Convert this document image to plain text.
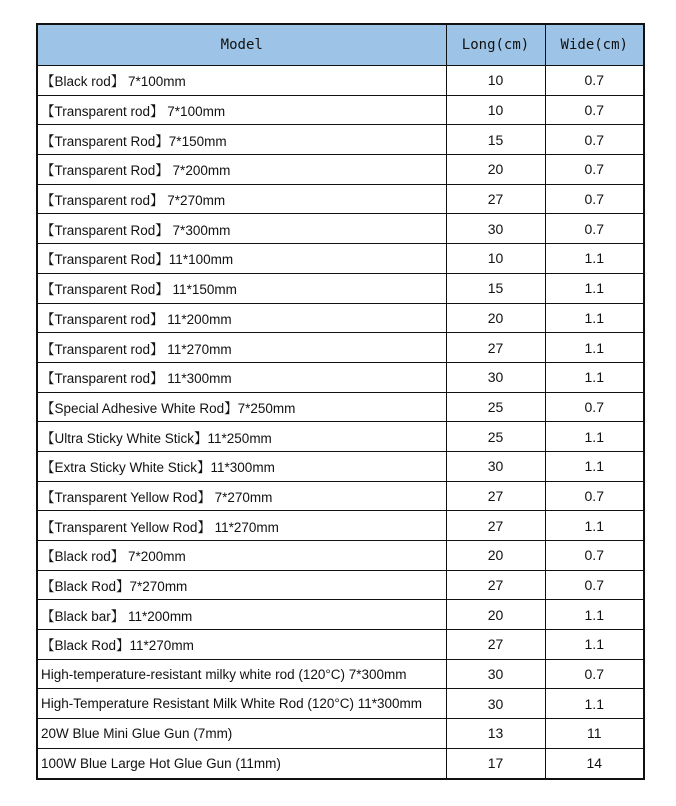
Model	Long(cm)	Wide(cm)
【Black rod】 7*100mm	10	0.7
【Transparent rod】 7*100mm	10	0.7
【Transparent Rod】7*150mm	15	0.7
【Transparent Rod】 7*200mm	20	0.7
【Transparent rod】 7*270mm	27	0.7
【Transparent Rod】 7*300mm	30	0.7
【Transparent Rod】11*100mm	10	1.1
【Transparent Rod】 11*150mm	15	1.1
【Transparent rod】 11*200mm	20	1.1
【Transparent rod】 11*270mm	27	1.1
【Transparent rod】 11*300mm	30	1.1
【Special Adhesive White Rod】7*250mm	25	0.7
【Ultra Sticky White Stick】11*250mm	25	1.1
【Extra Sticky White Stick】11*300mm	30	1.1
【Transparent Yellow Rod】 7*270mm	27	0.7
【Transparent Yellow Rod】 11*270mm	27	1.1
【Black rod】 7*200mm	20	0.7
【Black Rod】7*270mm	27	0.7
【Black bar】 11*200mm	20	1.1
【Black Rod】11*270mm	27	1.1
High-temperature-resistant milky white rod (120°C) 7*300mm	30	0.7
High-Temperature Resistant Milk White Rod (120°C) 11*300mm	30	1.1
20W Blue Mini Glue Gun (7mm)	13	11
100W Blue Large Hot Glue Gun (11mm)	17	14
